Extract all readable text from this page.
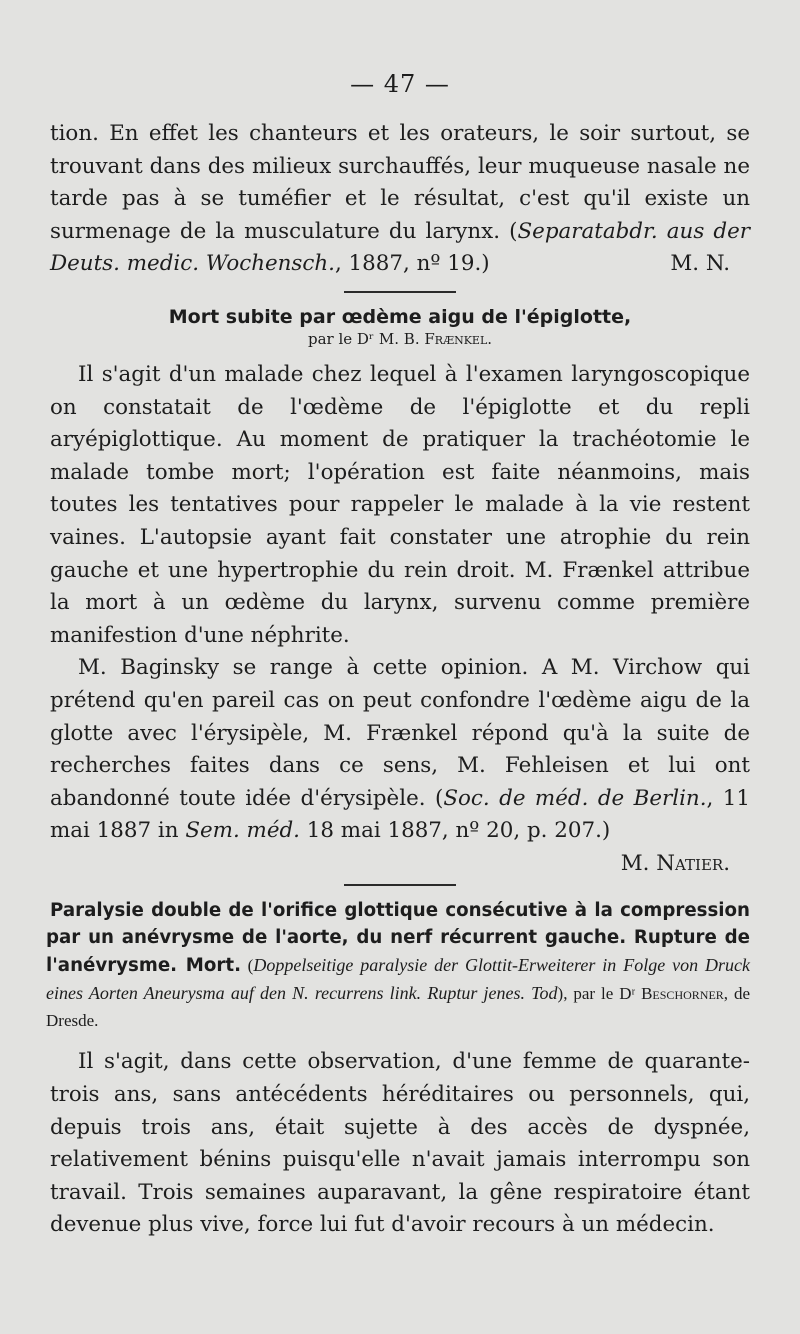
— 47 —

tion. En effet les chanteurs et les orateurs, le soir surtout, se trouvant dans des milieux surchauffés, leur muqueuse nasale ne tarde pas à se tuméfier et le résultat, c'est qu'il existe un surmenage de la musculature du larynx. (Separatabdr. aus der Deuts. medic. Wochensch., 1887, nº 19.)	M. N.

Mort subite par œdème aigu de l'épiglotte,
par le Dʳ M. B. Frænkel.

Il s'agit d'un malade chez lequel à l'examen laryngoscopique on constatait de l'œdème de l'épiglotte et du repli aryépiglottique. Au moment de pratiquer la trachéotomie le malade tombe mort; l'opération est faite néanmoins, mais toutes les tentatives pour rappeler le malade à la vie restent vaines. L'autopsie ayant fait constater une atrophie du rein gauche et une hypertrophie du rein droit. M. Frænkel attribue la mort à un œdème du larynx, survenu comme première manifestion d'une néphrite.

M. Baginsky se range à cette opinion. A M. Virchow qui prétend qu'en pareil cas on peut confondre l'œdème aigu de la glotte avec l'érysipèle, M. Frænkel répond qu'à la suite de recherches faites dans ce sens, M. Fehleisen et lui ont abandonné toute idée d'érysipèle. (Soc. de méd. de Berlin., 11 mai 1887 in Sem. méd. 18 mai 1887, nº 20, p. 207.)

M. Natier.

Paralysie double de l'orifice glottique consécutive à la compression par un anévrysme de l'aorte, du nerf récurrent gauche. Rupture de l'anévrysme. Mort. (Doppelseitige paralysie der Glottit-Erweiterer in Folge von Druck eines Aorten Aneurysma auf den N. recurrens link. Ruptur jenes. Tod), par le Dʳ Beschorner, de Dresde.

Il s'agit, dans cette observation, d'une femme de quarante-trois ans, sans antécédents héréditaires ou personnels, qui, depuis trois ans, était sujette à des accès de dyspnée, relativement bénins puisqu'elle n'avait jamais interrompu son travail. Trois semaines auparavant, la gêne respiratoire étant devenue plus vive, force lui fut d'avoir recours à un médecin.
